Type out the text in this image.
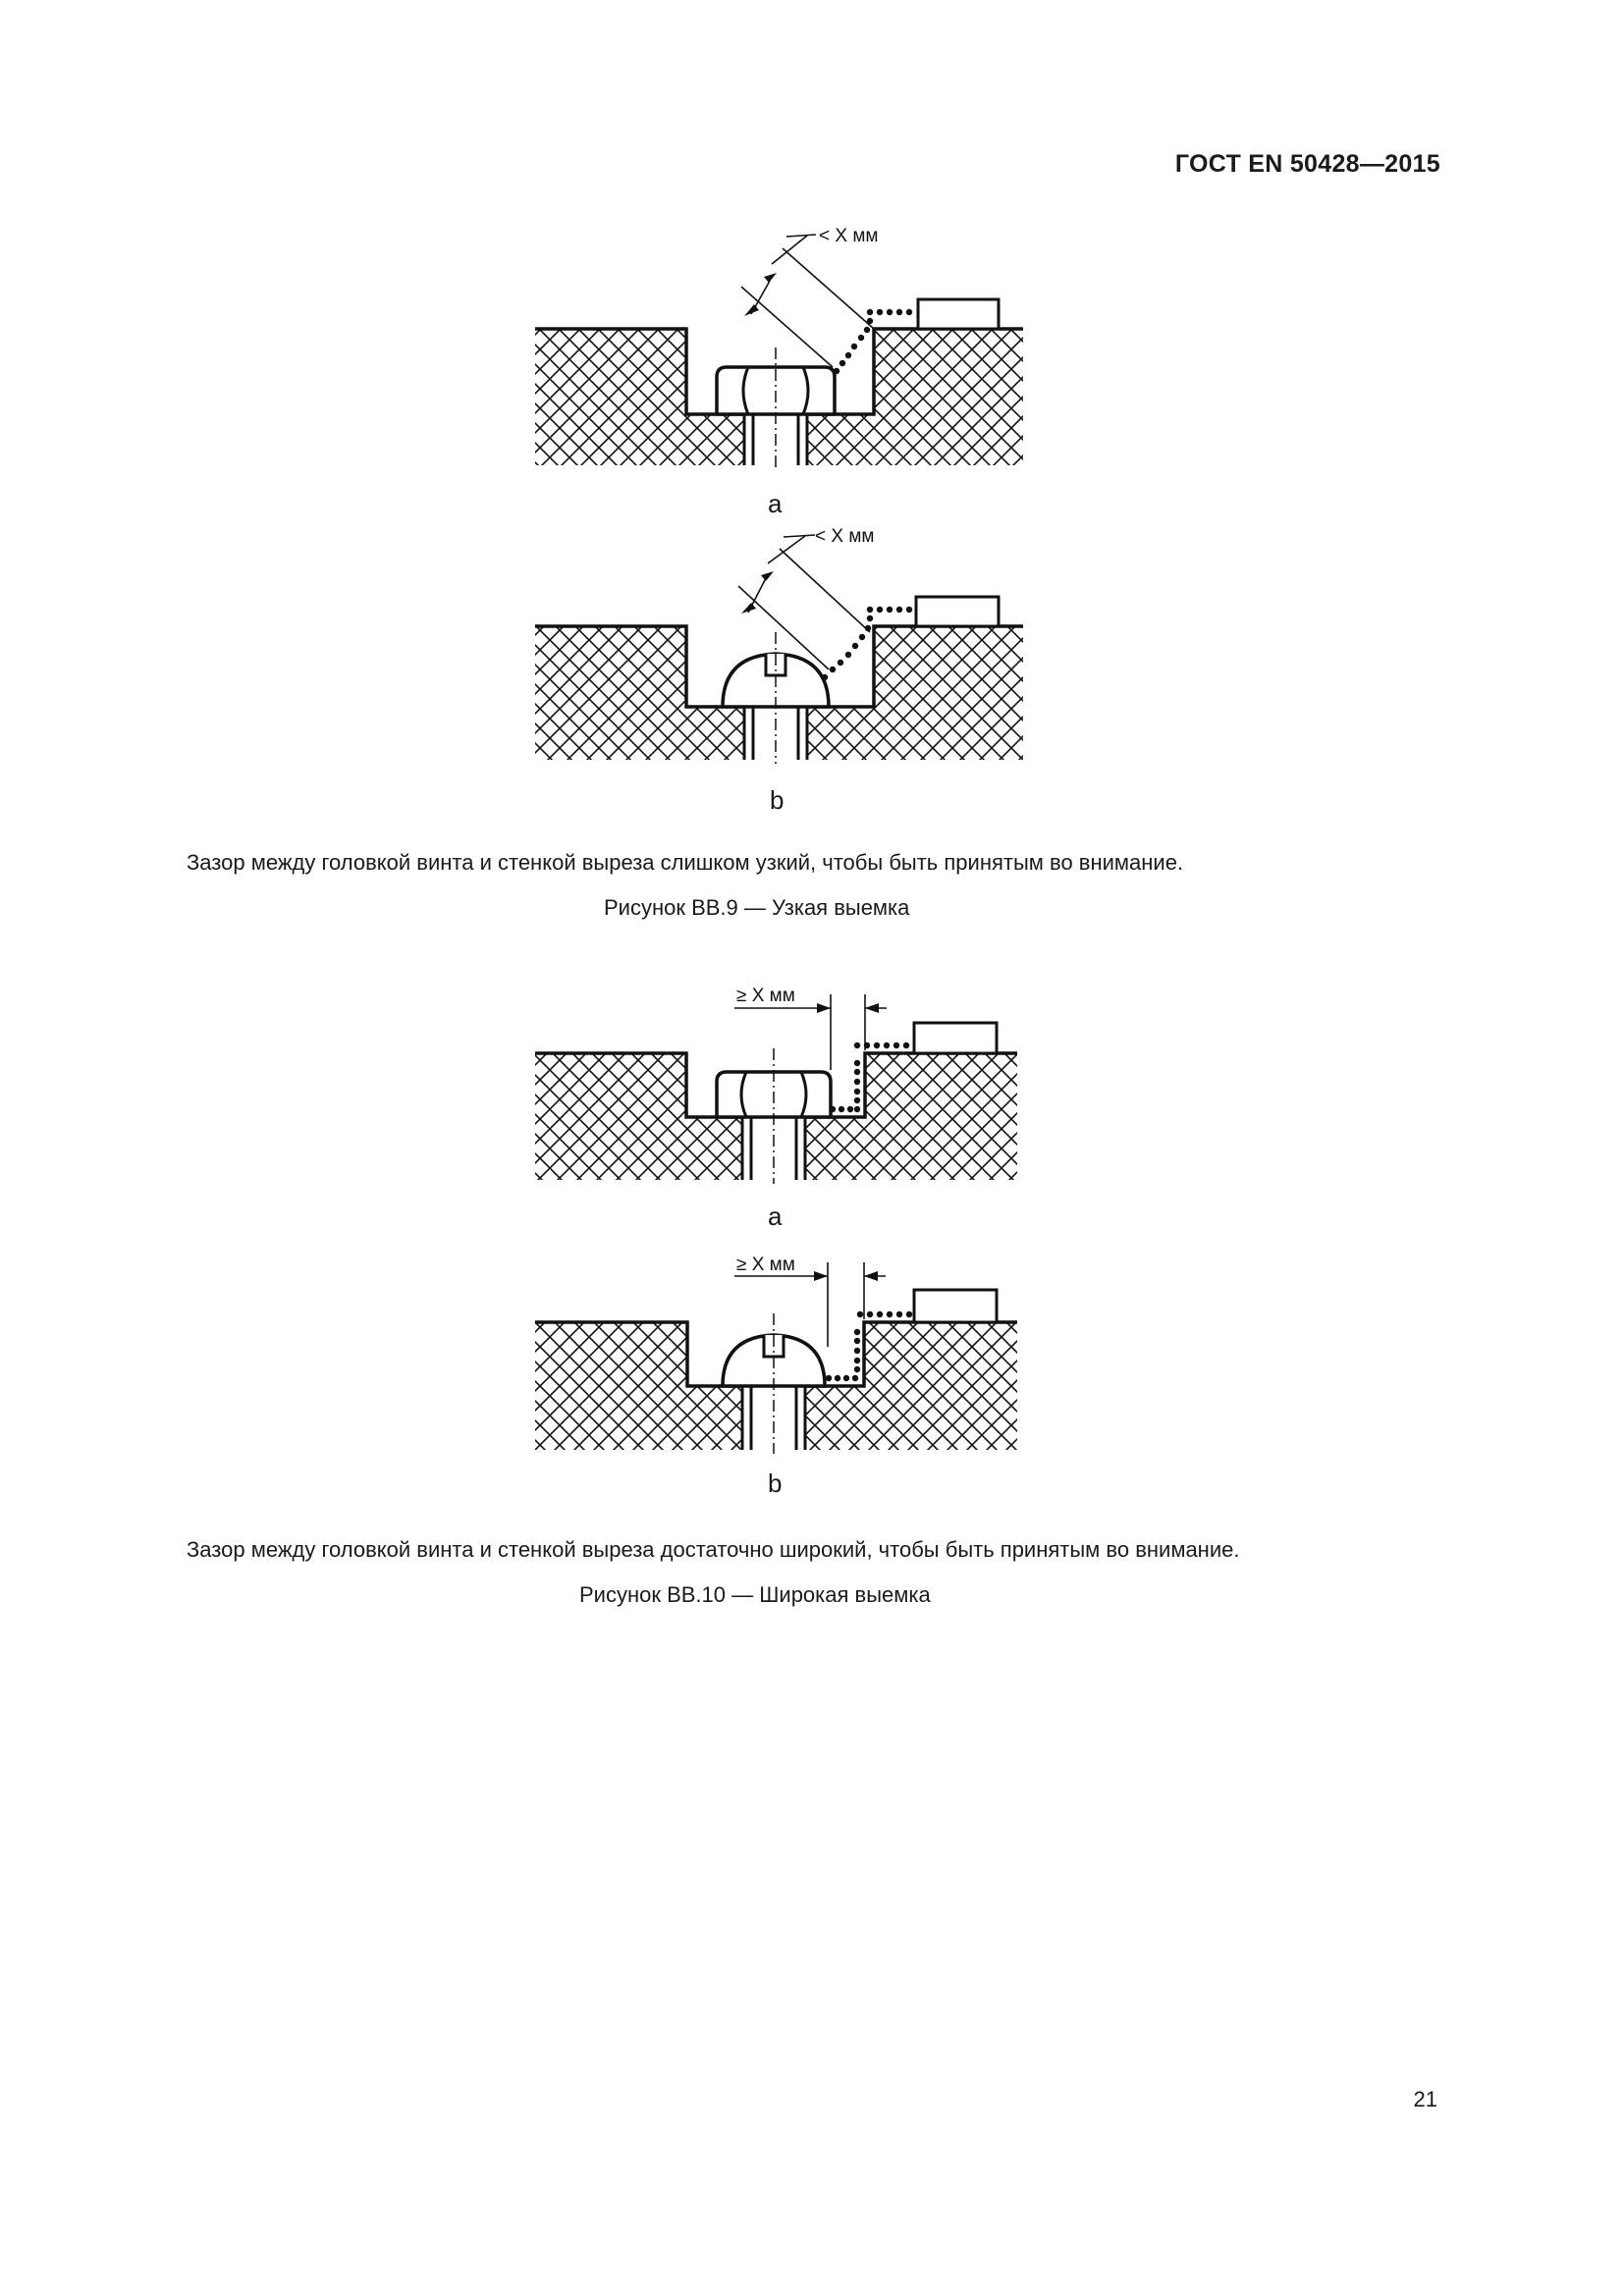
ГОСТ EN 50428—2015
< X мм
a
< X мм
b
Зазор между головкой винта и стенкой выреза слишком узкий, чтобы быть принятым во внимание.
Рисунок ВВ.9 — Узкая выемка
≥ X мм
a
≥ X мм
b
Зазор между головкой винта и стенкой выреза достаточно широкий, чтобы быть принятым во внимание.
Рисунок ВВ.10 — Широкая выемка
21
